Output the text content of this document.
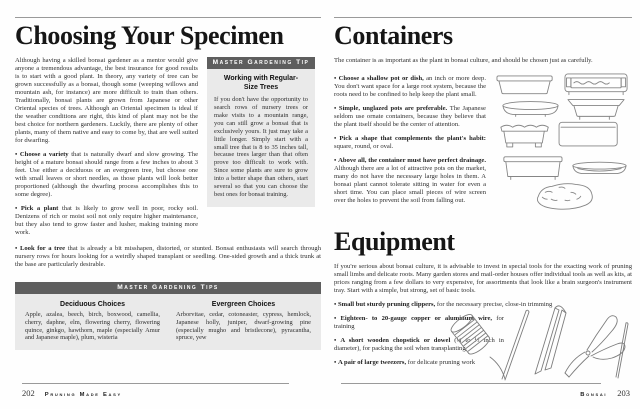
Choosing Your Specimen

Although having a skilled bonsai gardener as a mentor would give anyone a tremendous advantage, the best insurance for good results is to start with a good plant. In theory, any variety of tree can be grown successfully as a bonsai, though some (weeping willows and mountain ash, for instance) are more difficult to train than others. Traditionally, bonsai plants are grown from Japanese or other Oriental species of trees. Although an Oriental specimen is ideal if the weather conditions are right, this kind of plant may not be the best choice for northern gardeners. Luckily, there are plenty of other plants, many of them native and easy to come by, that are well suited for dwarfing.

• Choose a variety that is naturally dwarf and slow growing. The height of a mature bonsai should range from a few inches to about 3 feet. Use either a deciduous or an evergreen tree, but choose one with small leaves or short needles, as those plants will look better proportioned (although the dwarfing process accomplishes this to some degree).

• Pick a plant that is likely to grow well in poor, rocky soil. Denizens of rich or moist soil not only require higher maintenance, but they also tend to grow faster and lusher, making training more work.

Master Gardening Tip
Working with Regular-Size Trees

If you don't have the opportunity to search rows of nursery trees or make visits to a mountain range, you can still grow a bonsai that is exclusively yours. It just may take a little longer. Simply start with a small tree that is 8 to 35 inches tall, because trees larger than that often prove too difficult to work with. Since some plants are sure to grow into a better shape than others, start several so that you can choose the best ones for bonsai training.

• Look for a tree that is already a bit misshapen, distorted, or stunted. Bonsai enthusiasts will search through nursery rows for hours looking for a weirdly shaped transplant or seedling. One-sided growth and a thick trunk at the base are particularly desirable.

Master Gardening Tips
Deciduous Choices

Apple, azalea, beech, birch, boxwood, camellia, cherry, daphne, elm, flowering cherry, flowering quince, ginkgo, hawthorn, maple (especially Amur and Japanese maple), plum, wisteria

Evergreen Choices

Arborvitae, cedar, cotoneaster, cypress, hemlock, Japanese holly, juniper, dwarf-growing pine (especially mugho and bristlecone), pyracantha, spruce, yew

202 Pruning Made Easy
Containers

The container is as important as the plant in bonsai culture, and should be chosen just as carefully.

• Choose a shallow pot or dish, an inch or more deep. You don't want space for a large root system, because the roots need to be confined to help keep the plant small.

• Simple, unglazed pots are preferable. The Japanese seldom use ornate containers, because they believe that the plant itself should be the center of attention.

• Pick a shape that complements the plant's habit: square, round, or oval.

• Above all, the container must have perfect drainage. Although there are a lot of attractive pots on the market, many do not have the necessary large holes in them. A bonsai plant cannot tolerate sitting in water for even a short time. You can place small pieces of wire screen over the holes to prevent the soil from falling out.

Equipment

If you're serious about bonsai culture, it is advisable to invest in special tools for the exacting work of pruning small limbs and delicate roots. Many garden stores and mail-order houses offer individual tools as well as kits, at prices ranging from a few dollars to very expensive, for assortments that look like a brain surgeon's instrument tray. Start with a simple, but strong, set of basic tools.

• Small but sturdy pruning clippers, for the necessary precise, close-in trimming

• Eighteen- to 20-gauge copper or aluminum wire, for training

• A short wooden chopstick or dowel (¼ to ½ inch in diameter), for packing the soil when transplanting

• A pair of large tweezers, for delicate pruning work

Bonsai 203
